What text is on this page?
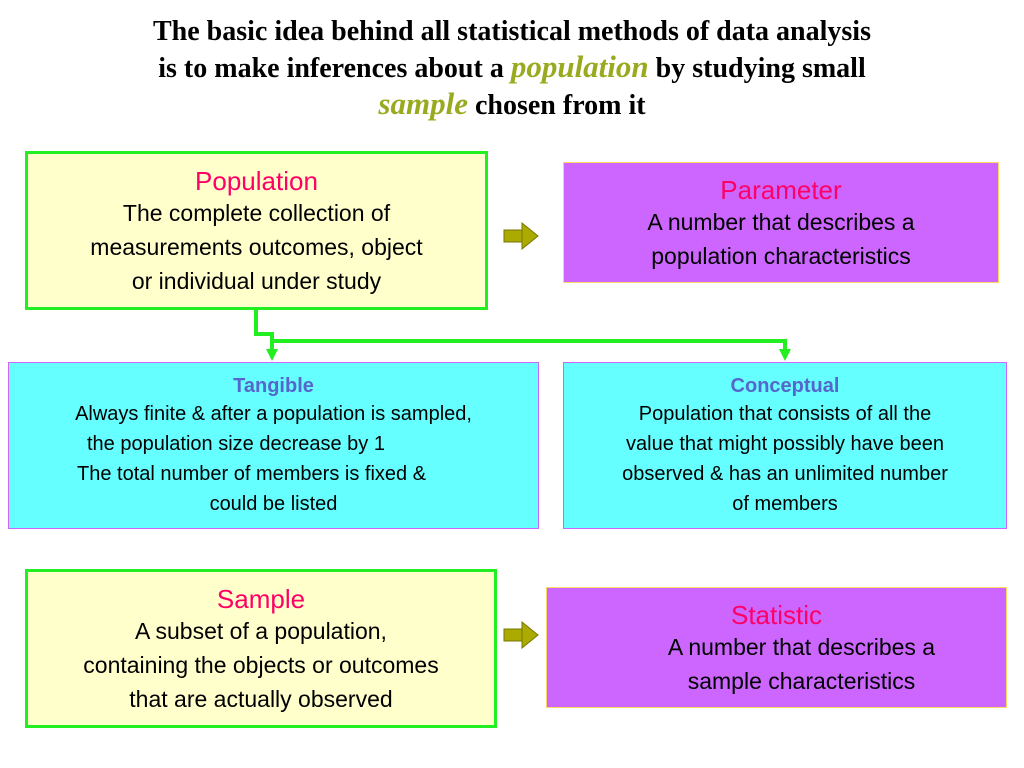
The basic idea behind all statistical methods of data analysis
is to make inferences about a population by studying small
sample chosen from it
Population
The complete collection of
measurements outcomes, object
or individual under study
Parameter
A number that describes a
population characteristics
Tangible
Always finite & after a population is sampled,
the population size decrease by 1
The total number of members is fixed &
could be listed
Conceptual
Population that consists of all the
value that might possibly have been
observed & has an unlimited number
of members
Sample
A subset of a population,
containing the objects or outcomes
that are actually observed
Statistic
A number that describes a
sample characteristics
